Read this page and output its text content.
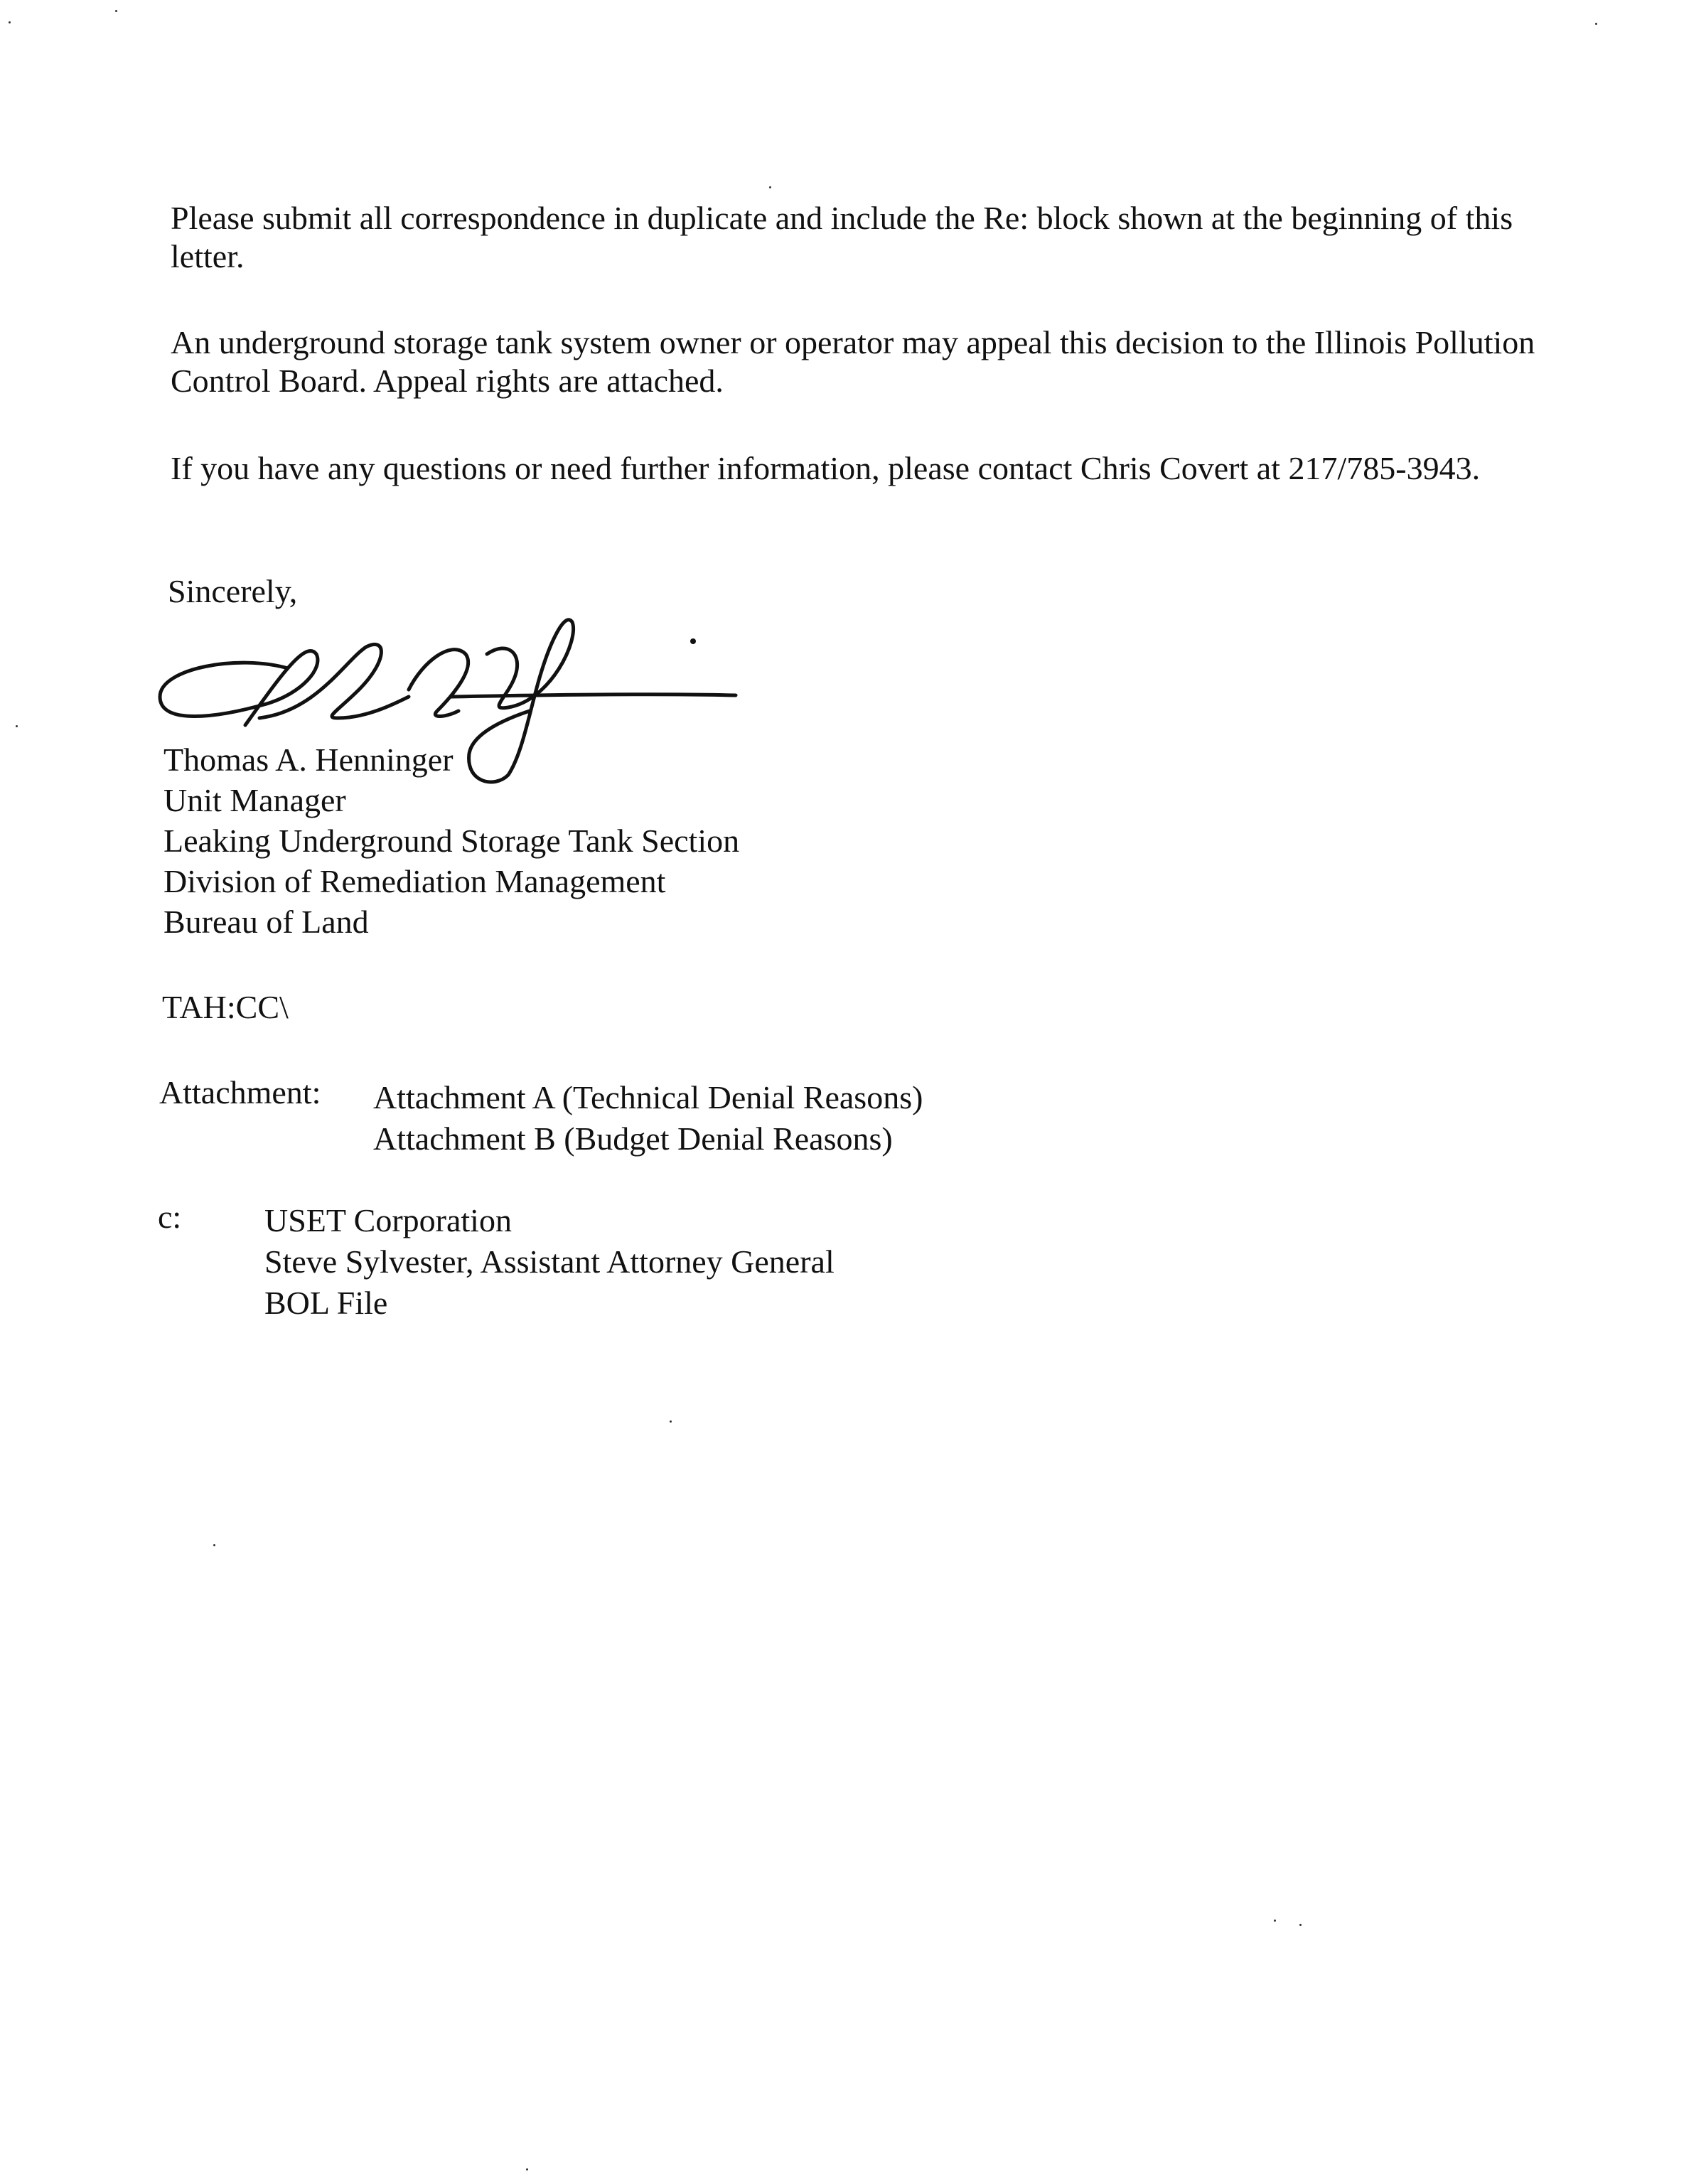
Please submit all correspondence in duplicate and include the Re: block shown at the beginning of this letter.

An underground storage tank system owner or operator may appeal this decision to the Illinois Pollution Control Board. Appeal rights are attached.

If you have any questions or need further information, please contact Chris Covert at 217/785-3943.

Sincerely,
Thomas A. Henninger
Unit Manager
Leaking Underground Storage Tank Section
Division of Remediation Management
Bureau of Land
TAH:CC\
Attachment: Attachment A (Technical Denial Reasons)
Attachment B (Budget Denial Reasons)
c:	USET Corporation
Steve Sylvester, Assistant Attorney General
BOL File
